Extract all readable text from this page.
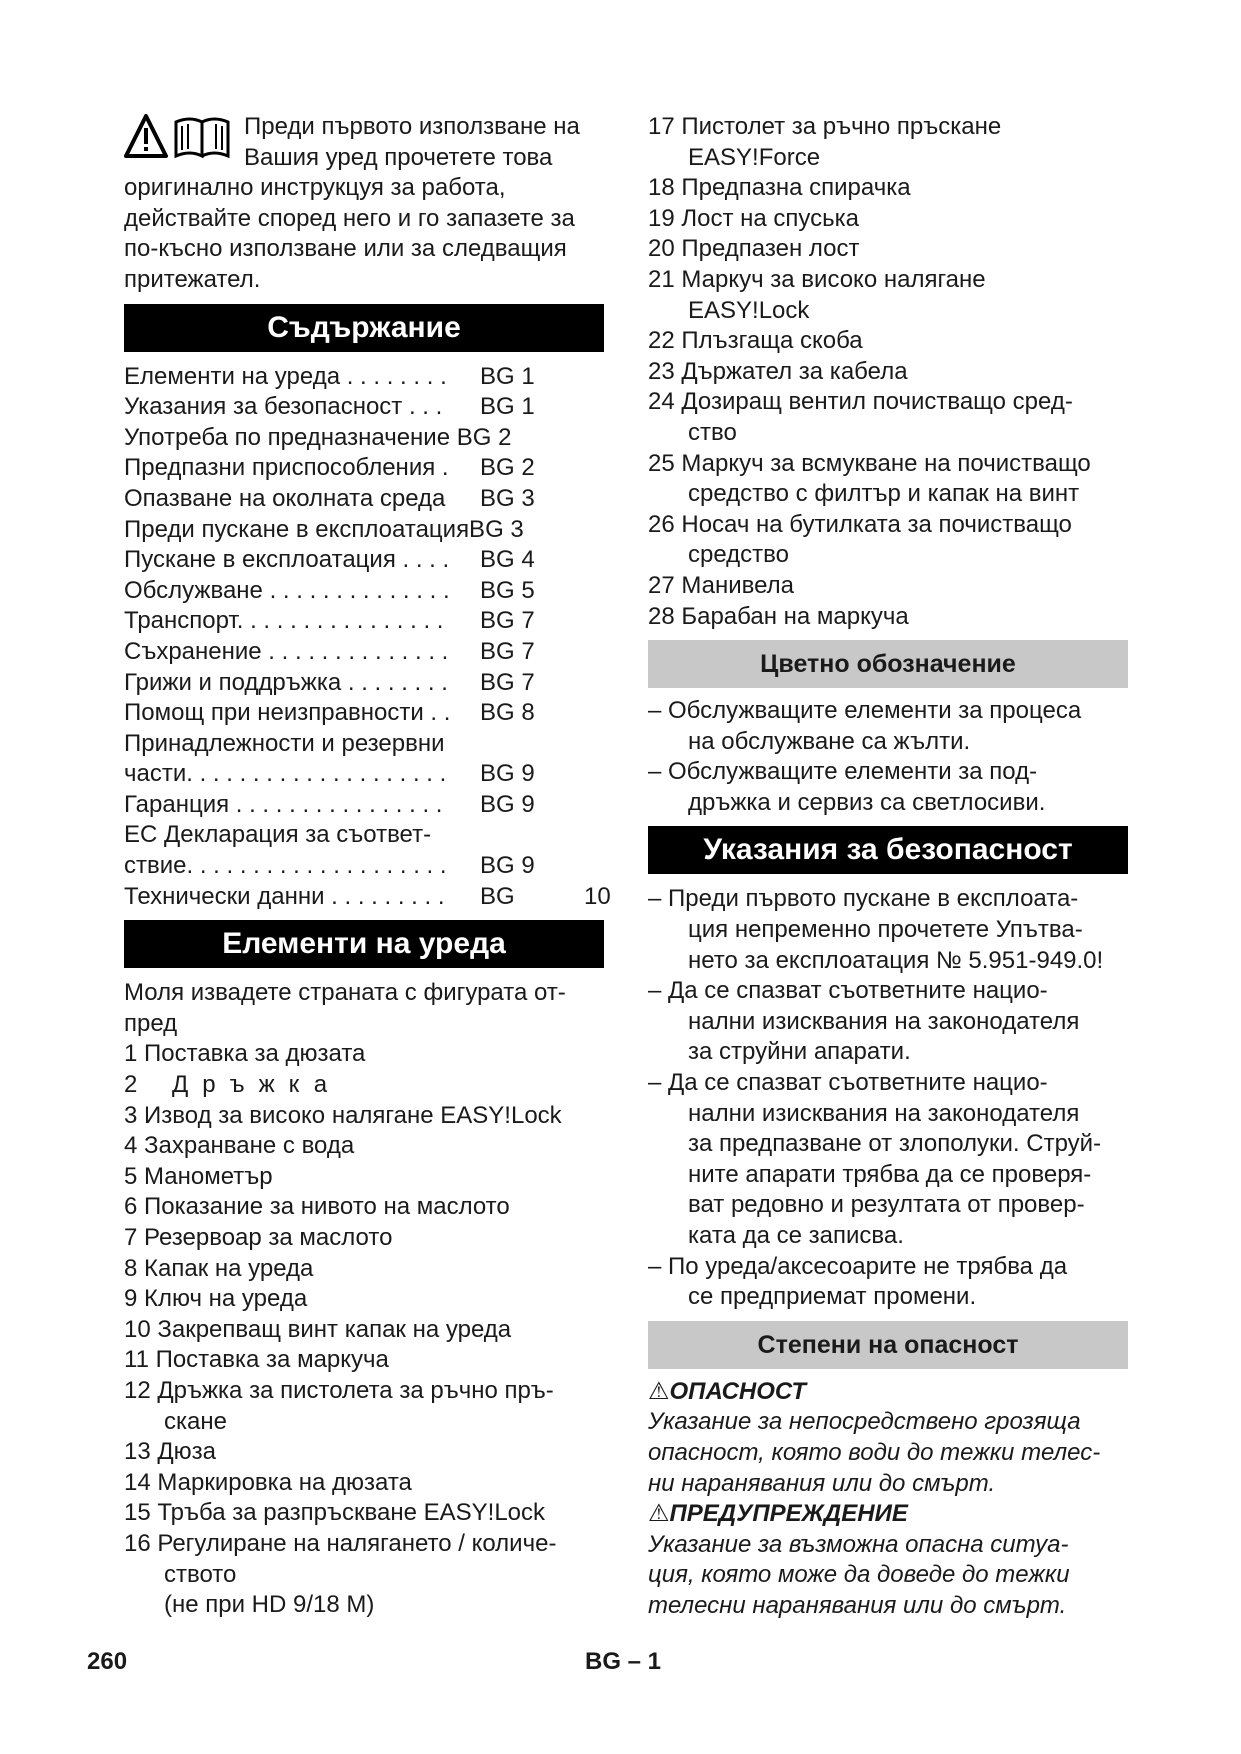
Преди първото използване на
Вашия уред прочетете това
оригинално инструкцуя за работа,
действайте според него и го запазете за
по-късно използване или за следващия
притежател.
Съдържание
Елементи на уреда . . . . . . . . BG 1
Указания за безопасност . . . BG 1
Употреба по предназначение BG 2
Предпазни приспособления . BG 2
Опазване на околната среда BG 3
Преди пускане в експлоатацияBG 3
Пускане в експлоатация . . . . BG 4
Обслужване . . . . . . . . . . . . . . BG 5
Транспорт. . . . . . . . . . . . . . . . BG 7
Съхранение . . . . . . . . . . . . . . BG 7
Грижи и поддръжка . . . . . . . . BG 7
Помощ при неизправности . . BG 8
Принадлежности и резервни
части. . . . . . . . . . . . . . . . . . . . BG 9
Гаранция . . . . . . . . . . . . . . . . BG 9
ЕС Декларация за съответ-
ствие. . . . . . . . . . . . . . . . . . . . BG 9
Технически данни . . . . . . . . . BG	10
Елементи на уреда
Моля извадете страната с фигурата от-
пред
1 Поставка за дюзата
2 Дръжка
3 Извод за високо налягане EASY!Lock
4 Захранване с вода
5 Манометър
6 Показание за нивото на маслото
7 Резервоар за маслото
8 Капак на уреда
9 Ключ на уреда
10 Закрепващ винт капак на уреда
11 Поставка за маркуча
12 Дръжка за пистолета за ръчно пръ-
скане
13 Дюза
14 Маркировка на дюзата
15 Тръба за разпръскване EASY!Lock
16 Регулиране на налягането / количе-
ството
(не при HD 9/18 M)
17 Пистолет за ръчно пръскане
EASY!Force
18 Предпазна спирачка
19 Лост на спуська
20 Предпазен лост
21 Маркуч за високо налягане
EASY!Lock
22 Плъзгаща скоба
23 Държател за кабела
24 Дозиращ вентил почистващо сред-
ство
25 Маркуч за всмукване на почистващо
средство с филтър и капак на винт
26 Носач на бутилката за почистващо
средство
27 Манивела
28 Барабан на маркуча
Цветно обозначение
– Обслужващите елементи за процеса
на обслужване са жълти.
– Обслужващите елементи за под-
дръжка и сервиз са светлосиви.
Указания за безопасност
– Преди първото пускане в експлоата-
ция непременно прочетете Упътва-
нето за експлоатация № 5.951-949.0!
– Да се спазват съответните нацио-
нални изисквания на законодателя
за струйни апарати.
– Да се спазват съответните нацио-
нални изисквания на законодателя
за предпазване от злополуки. Струй-
ните апарати трябва да се проверя-
ват редовно и резултата от провер-
ката да се записва.
– По уреда/аксесоарите не трябва да
се предприемат промени.
Степени на опасност
⚠ОПАСНОСТ
Указание за непосредствено грозяща
опасност, която води до тежки телес-
ни наранявания или до смърт.
⚠ПРЕДУПРЕЖДЕНИЕ
Указание за възможна опасна ситуа-
ция, която може да доведе до тежки
телесни наранявания или до смърт.
260	BG – 1
